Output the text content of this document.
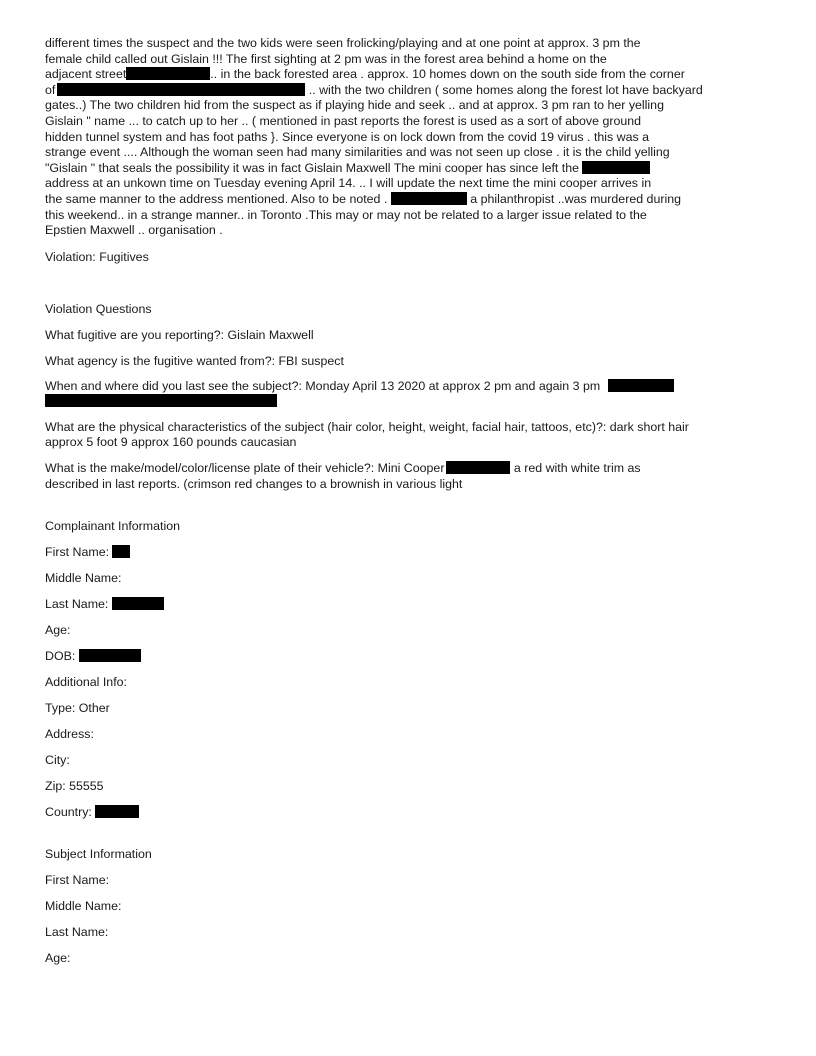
different times the suspect and the two kids were seen frolicking/playing and at one point at approx. 3 pm the
female child called out Gislain !!! The first sighting at 2 pm was in the forest area behind a home on the
adjacent street	.. in the back forested area . approx. 10 homes down on the south side from the corner
of	.. with the two children ( some homes along the forest lot have backyard
gates..) The two children hid from the suspect as if playing hide and seek .. and at approx. 3 pm ran to her yelling
Gislain " name ... to catch up to her .. ( mentioned in past reports the forest is used as a sort of above ground
hidden tunnel system and has foot paths }. Since everyone is on lock down from the covid 19 virus . this was a
strange event .... Although the woman seen had many similarities and was not seen up close . it is the child yelling
"Gislain " that seals the possibility it was in fact Gislain Maxwell The mini cooper has since left the
address at an unkown time on Tuesday evening April 14. .. I will update the next time the mini cooper arrives in
the same manner to the address mentioned. Also to be noted .	a philanthropist ..was murdered during
this weekend.. in a strange manner.. in Toronto .This may or may not be related to a larger issue related to the
Epstien Maxwell .. organisation .

Violation: Fugitives

Violation Questions

What fugitive are you reporting?: Gislain Maxwell

What agency is the fugitive wanted from?: FBI suspect

When and where did you last see the subject?: Monday April 13 2020 at approx 2 pm and again 3 pm

What are the physical characteristics of the subject (hair color, height, weight, facial hair, tattoos, etc)?: dark short hair
approx 5 foot 9 approx 160 pounds caucasian
What is the make/model/color/license plate of their vehicle?: Mini Cooper	a red with white trim as
described in last reports. (crimson red changes to a brownish in various light

Complainant Information

First Name:

Middle Name:

Last Name:

Age:

DOB:

Additional Info:

Type: Other

Address:

City:

Zip: 55555

Country:

Subject Information

First Name:

Middle Name:

Last Name:

Age:
